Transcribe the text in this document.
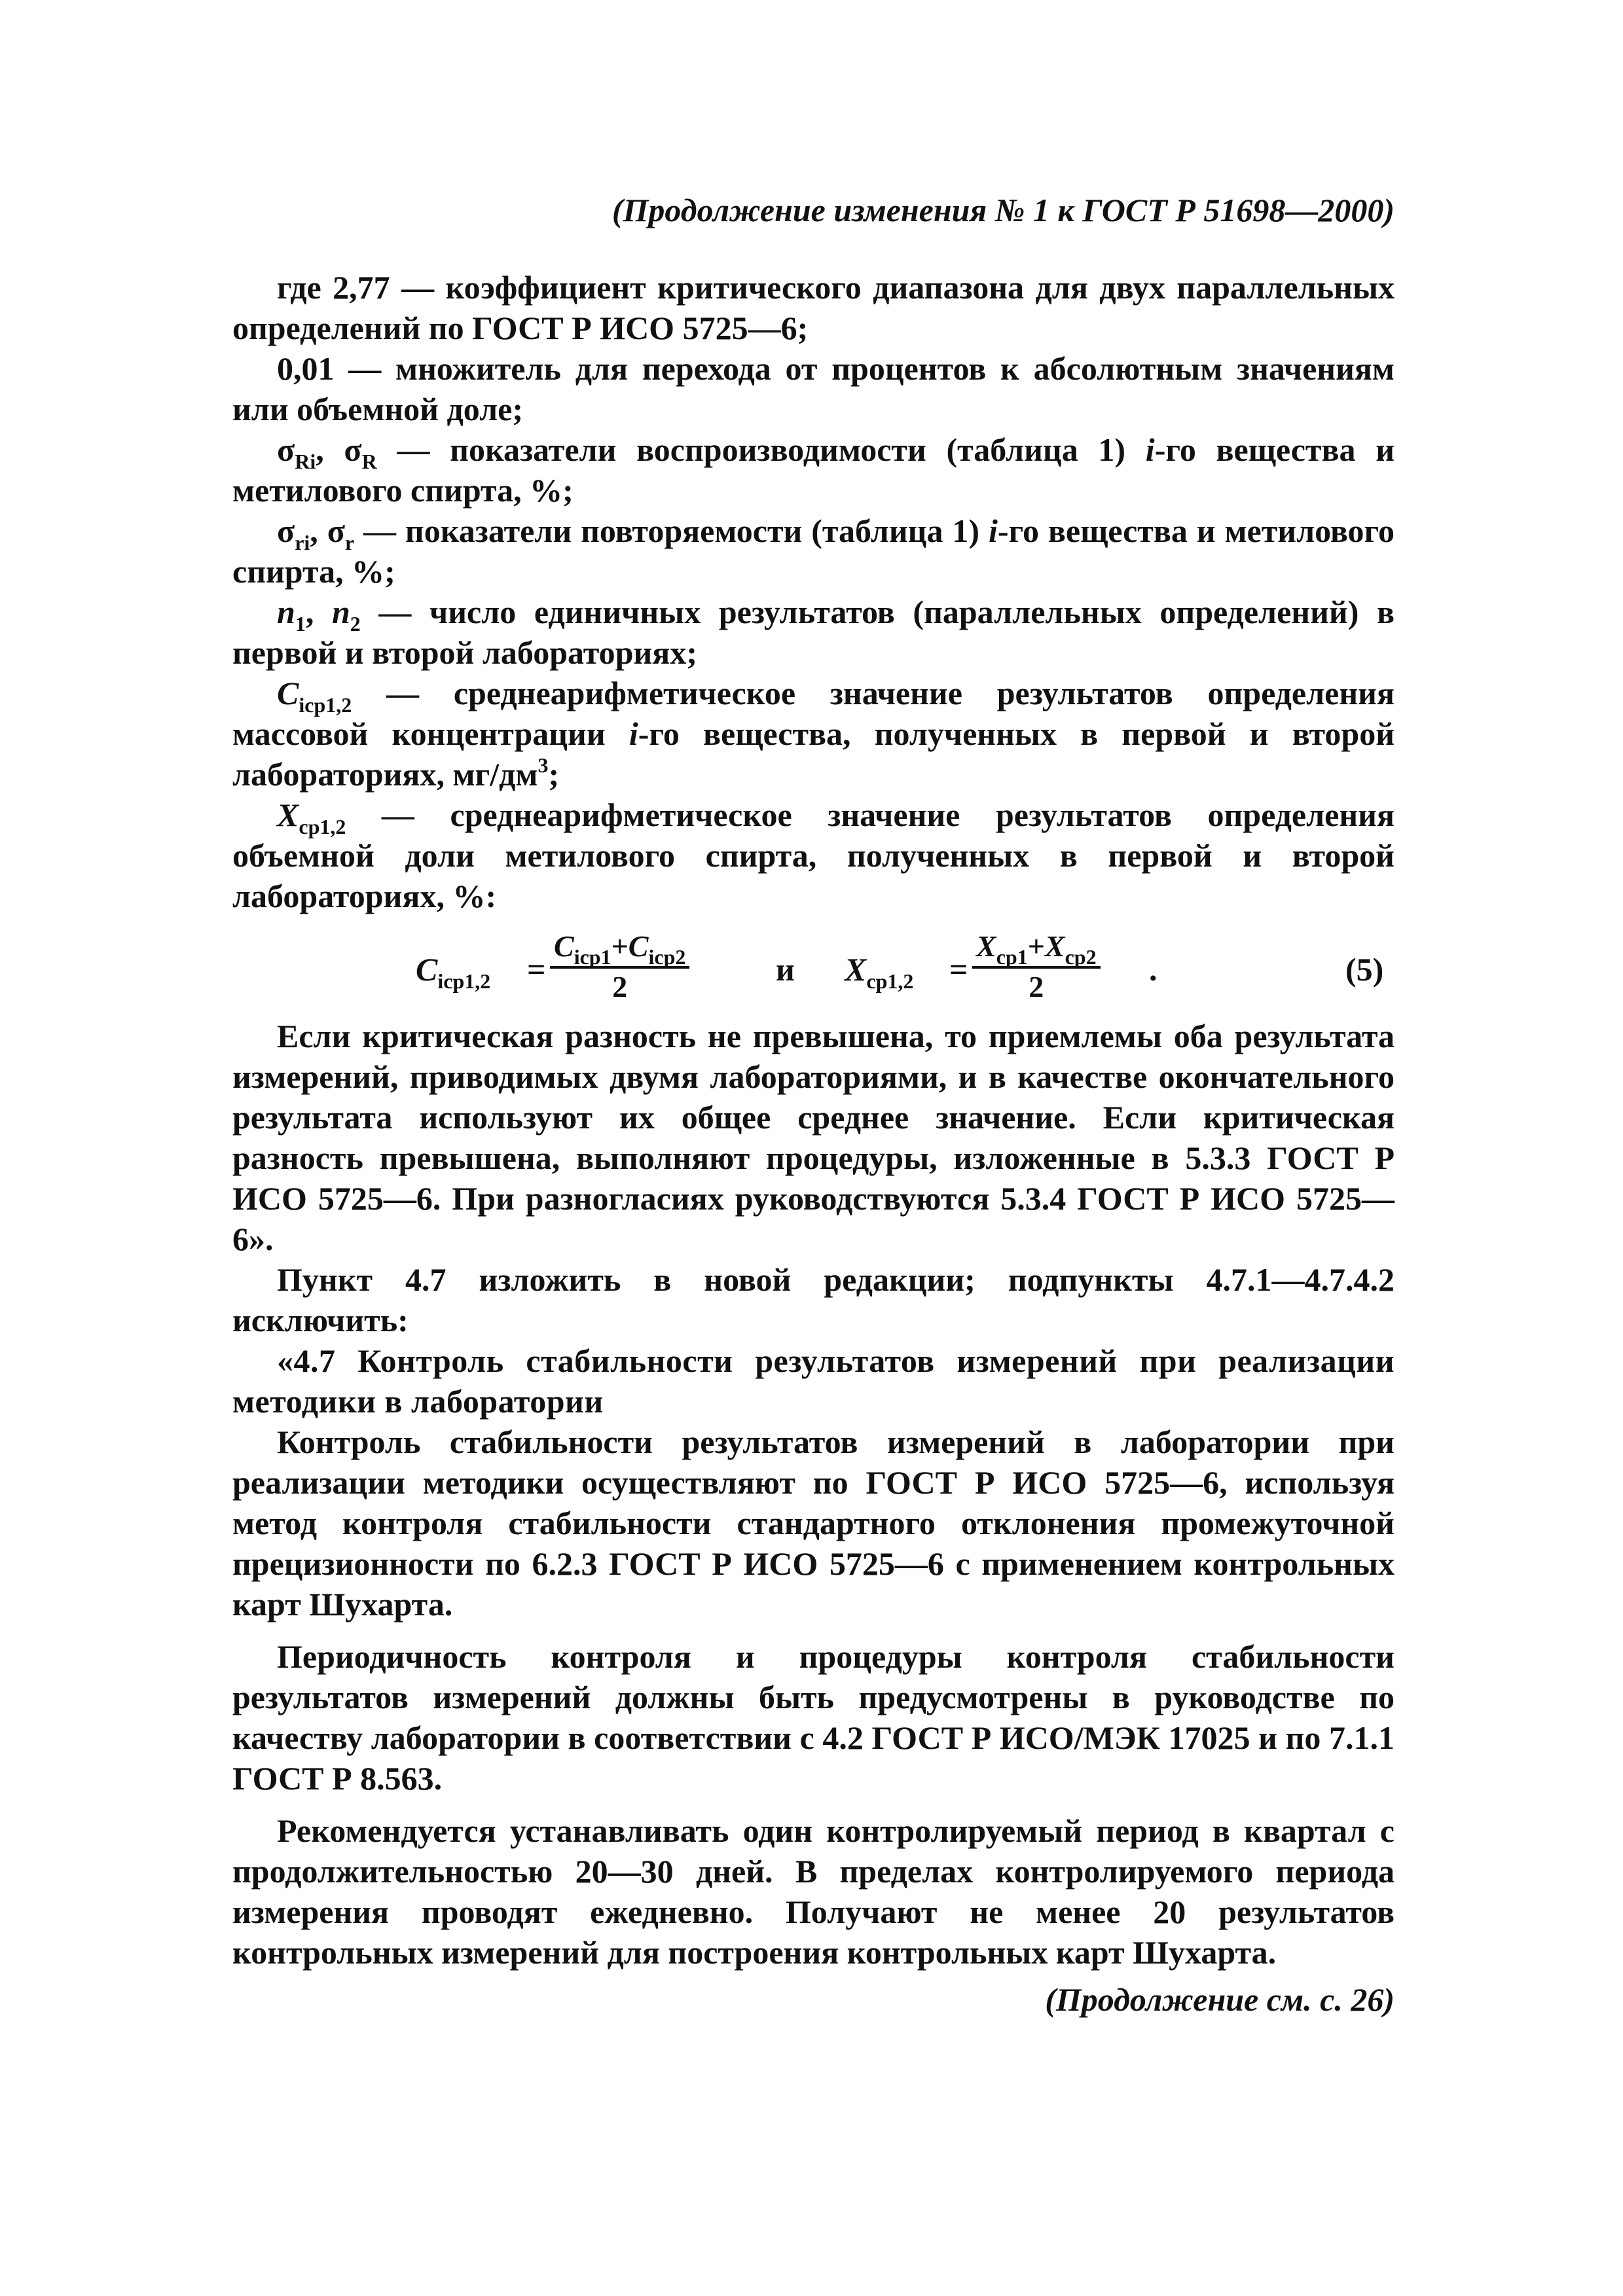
(Продолжение изменения № 1 к ГОСТ Р 51698—2000)

где 2,77 — коэффициент критического диапазона для двух параллельных определений по ГОСТ Р ИСО 5725—6;

0,01 — множитель для перехода от процентов к абсолютным значениям или объемной доле;

$\sigma_{Ri}$, $\sigma_R$ — показатели воспроизводимости (таблица 1) i-го вещества и метилового спирта, %;

$\sigma_{ri}$, $\sigma_r$ — показатели повторяемости (таблица 1) i-го вещества и метилового спирта, %;

$n_1$, $n_2$ — число единичных результатов (параллельных определений) в первой и второй лабораториях;

$C_{icp1,2}$ — среднеарифметическое значение результатов определения массовой концентрации i-го вещества, полученных в первой и второй лабораториях, $мг/дм^3$;

$X_{cp1,2}$ — среднеарифметическое значение результатов определения объемной доли метилового спирта, полученных в первой и второй лабораториях, %:

$C_{icp1,2}$ =
$C_{icp1}+C_{icp2}$
2	и $X_{cp1,2}$ =
$X_{cp1}+X_{cp2}$
2	.	(5)

Если критическая разность не превышена, то приемлемы оба результата измерений, приводимых двумя лабораториями, и в качестве окончательного результата используют их общее среднее значение. Если критическая разность превышена, выполняют процедуры, изложенные в 5.3.3 ГОСТ Р ИСО 5725—6. При разногласиях руководствуются 5.3.4 ГОСТ Р ИСО 5725—6».

Пункт 4.7 изложить в новой редакции; подпункты 4.7.1—4.7.4.2 исключить:

«4.7 Контроль стабильности результатов измерений при реализации методики в лаборатории

Контроль стабильности результатов измерений в лаборатории при реализации методики осуществляют по ГОСТ Р ИСО 5725—6, используя метод контроля стабильности стандартного отклонения промежуточной прецизионности по 6.2.3 ГОСТ Р ИСО 5725—6 с применением контрольных карт Шухарта.

Периодичность контроля и процедуры контроля стабильности результатов измерений должны быть предусмотрены в руководстве по качеству лаборатории в соответствии с 4.2 ГОСТ Р ИСО/МЭК 17025 и по 7.1.1 ГОСТ Р 8.563.

Рекомендуется устанавливать один контролируемый период в квартал с продолжительностью 20—30 дней. В пределах контролируемого периода измерения проводят ежедневно. Получают не менее 20 результатов контрольных измерений для построения контрольных карт Шухарта.

(Продолжение см. с. 26)
